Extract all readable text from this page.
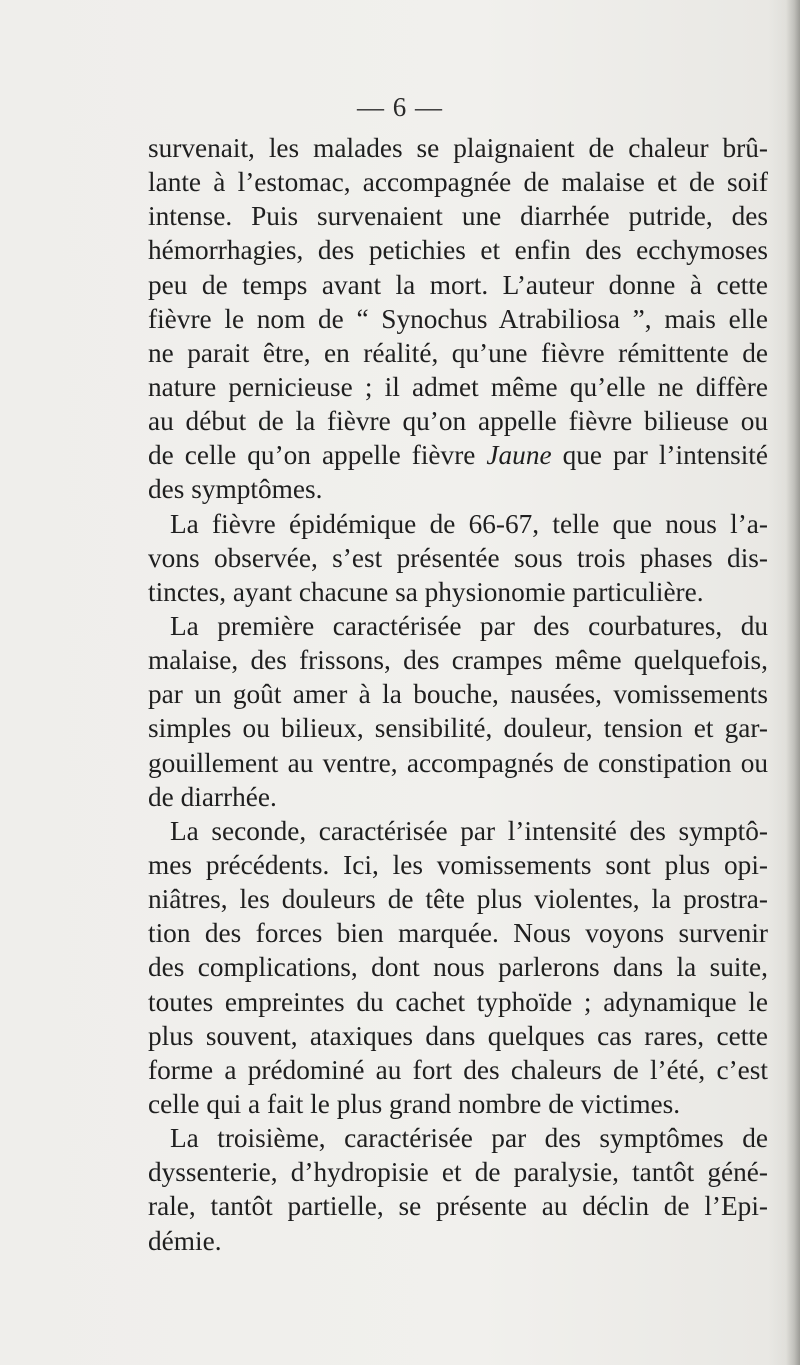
— 6 —
survenait, les malades se plaignaient de chaleur brû-
lante à l’estomac, accompagnée de malaise et de soif
intense. Puis survenaient une diarrhée putride, des
hémorrhagies, des petichies et enfin des ecchymoses
peu de temps avant la mort. L’auteur donne à cette
fièvre le nom de “ Synochus Atrabiliosa ”, mais elle
ne parait être, en réalité, qu’une fièvre rémittente de
nature pernicieuse ; il admet même qu’elle ne diffère
au début de la fièvre qu’on appelle fièvre bilieuse ou
de celle qu’on appelle fièvre Jaune que par l’intensité
des symptômes.
La fièvre épidémique de 66-67, telle que nous l’a-
vons observée, s’est présentée sous trois phases dis-
tinctes, ayant chacune sa physionomie particulière.
La première caractérisée par des courbatures, du
malaise, des frissons, des crampes même quelquefois,
par un goût amer à la bouche, nausées, vomissements
simples ou bilieux, sensibilité, douleur, tension et gar-
gouillement au ventre, accompagnés de constipation ou
de diarrhée.
La seconde, caractérisée par l’intensité des symptô-
mes précédents. Ici, les vomissements sont plus opi-
niâtres, les douleurs de tête plus violentes, la prostra-
tion des forces bien marquée. Nous voyons survenir
des complications, dont nous parlerons dans la suite,
toutes empreintes du cachet typhoïde ; adynamique le
plus souvent, ataxiques dans quelques cas rares, cette
forme a prédominé au fort des chaleurs de l’été, c’est
celle qui a fait le plus grand nombre de victimes.
La troisième, caractérisée par des symptômes de
dyssenterie, d’hydropisie et de paralysie, tantôt géné-
rale, tantôt partielle, se présente au déclin de l’Epi-
démie.
